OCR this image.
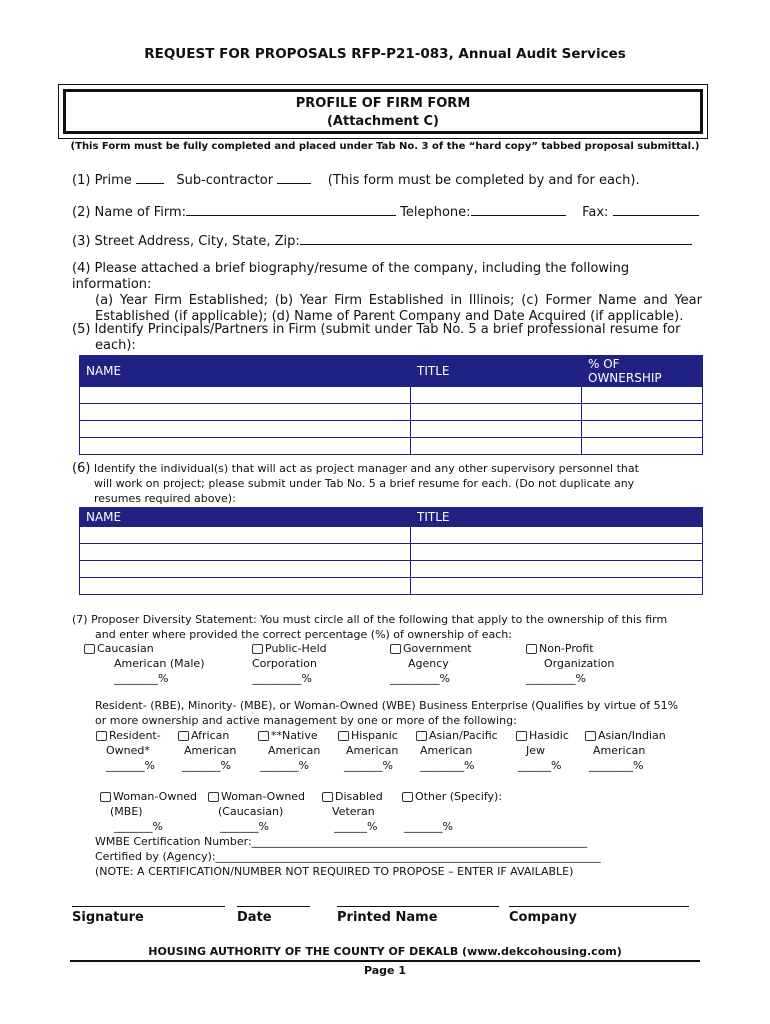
REQUEST FOR PROPOSALS RFP-P21-083, Annual Audit Services
PROFILE OF FIRM FORM
(Attachment C)
(This Form must be fully completed and placed under Tab No. 3 of the “hard copy” tabbed proposal submittal.)
(1) Prime	Sub-contractor	(This form must be completed by and for each).
(2) Name of Firm:	Telephone:	Fax:
(3) Street Address, City, State, Zip:
(4) Please attached a brief biography/resume of the company, including the following information:
(a) Year Firm Established; (b) Year Firm Established in Illinois; (c) Former Name and Year
Established (if applicable); (d) Name of Parent Company and Date Acquired (if applicable).
(5) Identify Principals/Partners in Firm (submit under Tab No. 5 a brief professional resume for
each):
NAME	TITLE	% OF OWNERSHIP

(6) Identify the individual(s) that will act as project manager and any other supervisory personnel that
will work on project; please submit under Tab No. 5 a brief resume for each. (Do not duplicate any
resumes required above):
NAME	TITLE

(7) Proposer Diversity Statement: You must circle all of the following that apply to the ownership of this firm
and enter where provided the correct percentage (%) of ownership of each:
Caucasian
American (Male)
________%
Public-Held
Corporation
_________%
Government
Agency
_________%
Non-Profit
Organization
_________%
Resident- (RBE), Minority- (MBE), or Woman-Owned (WBE) Business Enterprise (Qualifies by virtue of 51%
or more ownership and active management by one or more of the following:
Resident-
Owned*
_______%
African
American
_______%
**Native
American
_______%
Hispanic
American
_______%
Asian/Pacific
American
________%
Hasidic
Jew
______%
Asian/Indian
American
________%
Woman-Owned
(MBE)
_______%
Woman-Owned
(Caucasian)
_______%
Disabled
Veteran
______%
Other (Specify):
_______%
WMBE Certification Number:_____________________________________________________________
Certified by (Agency):______________________________________________________________________
(NOTE: A CERTIFICATION/NUMBER NOT REQUIRED TO PROPOSE – ENTER IF AVAILABLE)
Signature	Date	Printed Name	Company
HOUSING AUTHORITY OF THE COUNTY OF DEKALB (www.dekcohousing.com)
Page 1
